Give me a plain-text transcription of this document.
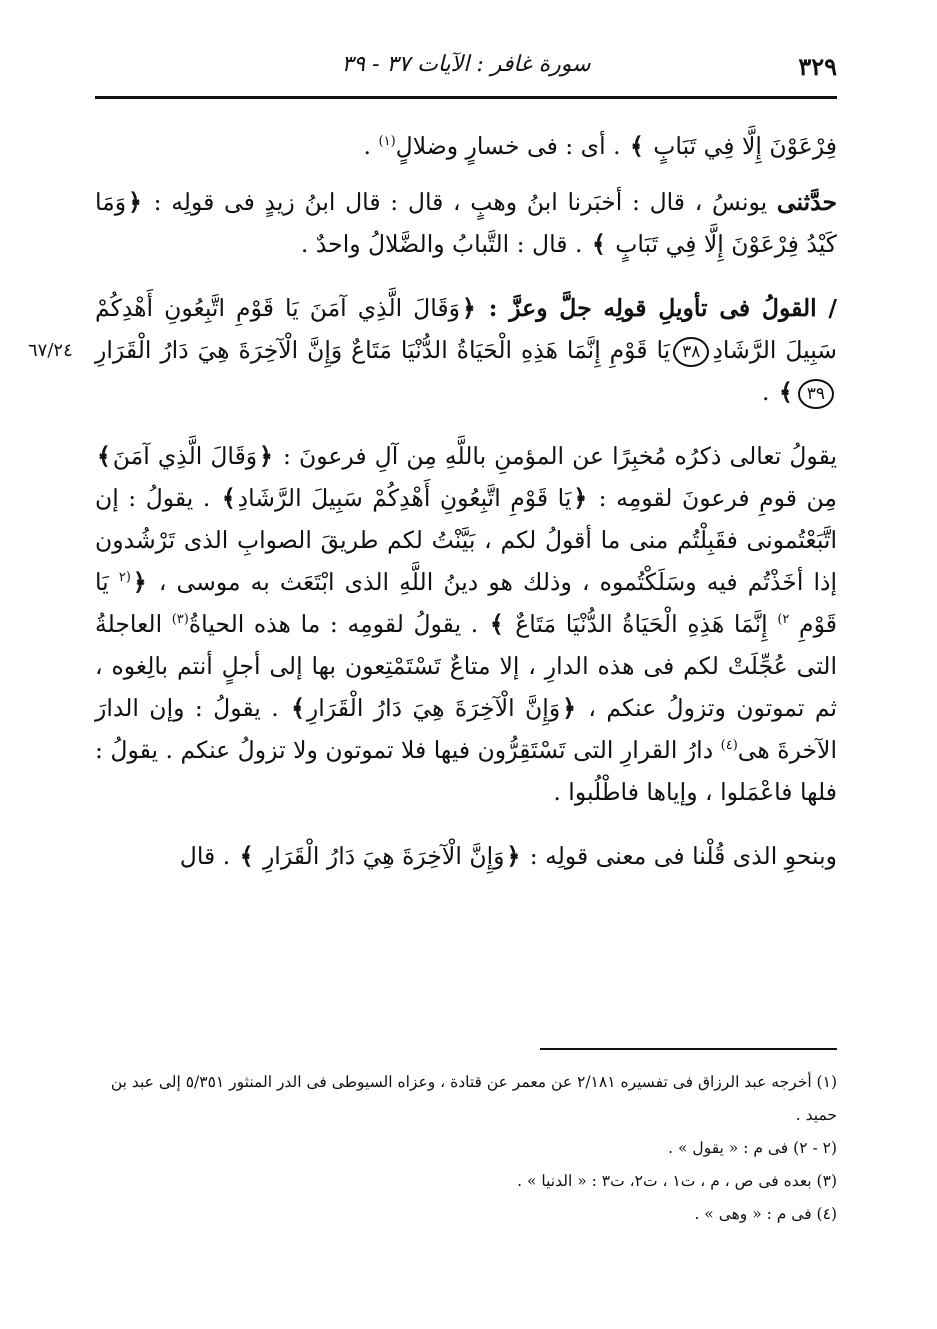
٣٢٩
سورة غافر : الآيات ٣٧ - ٣٩
٦٧/٢٤

فِرْعَوْنَ إِلَّا فِي تَبَابٍ ﴾ . أى : فى خسارٍ وضلالٍ$^{(١)}$ .

حدَّثنى يونسُ ، قال : أخبَرنا ابنُ وهبٍ ، قال : قال ابنُ زيدٍ فى قولِه : ﴿وَمَا كَيْدُ فِرْعَوْنَ إِلَّا فِي تَبَابٍ ﴾ . قال : التَّبابُ والضَّلالُ واحدٌ .

/ القولُ فى تأويلِ قولِه جلَّ وعزَّ : ﴿وَقَالَ الَّذِي آمَنَ يَا قَوْمِ اتَّبِعُونِ أَهْدِكُمْ سَبِيلَ الرَّشَادِ٣٨يَا قَوْمِ إِنَّمَا هَذِهِ الْحَيَاةُ الدُّنْيَا مَتَاعٌ وَإِنَّ الْآخِرَةَ هِيَ دَارُ الْقَرَارِ٣٩﴾ .

يقولُ تعالى ذكرُه مُخبِرًا عن المؤمنِ باللَّهِ مِن آلِ فرعونَ : ﴿وَقَالَ الَّذِي آمَنَ﴾ مِن قومِ فرعونَ لقومِه : ﴿يَا قَوْمِ اتَّبِعُونِ أَهْدِكُمْ سَبِيلَ الرَّشَادِ﴾ . يقولُ : إن اتَّبَعْتُمونى فقَبِلْتُم منى ما أقولُ لكم ، بَيَّنْتُ لكم طريقَ الصوابِ الذى تَرْشُدون إذا أخَذْتُم فيه وسَلَكْتُموه ، وذلك هو دينُ اللَّهِ الذى ابْتَعَث به موسى ، ﴿$^{(٢}$ يَا قَوْمِ $^{٢)}$ إِنَّمَا هَذِهِ الْحَيَاةُ الدُّنْيَا مَتَاعٌ ﴾ . يقولُ لقومِه : ما هذه الحياةُ$^{(٣)}$ العاجلةُ التى عُجِّلَتْ لكم فى هذه الدارِ ، إلا متاعٌ تَسْتَمْتِعون بها إلى أجلٍ أنتم بالِغوه ، ثم تموتون وتزولُ عنكم ، ﴿وَإِنَّ الْآخِرَةَ هِيَ دَارُ الْقَرَارِ﴾ . يقولُ : وإن الدارَ الآخرةَ هى$^{(٤)}$ دارُ القرارِ التى تَسْتَقِرُّون فيها فلا تموتون ولا تزولُ عنكم . يقولُ : فلها فاعْمَلوا ، وإياها فاطْلُبوا .

وبنحوِ الذى قُلْنا فى معنى قولِه : ﴿وَإِنَّ الْآخِرَةَ هِيَ دَارُ الْقَرَارِ ﴾ . قال

(١) أخرجه عبد الرزاق فى تفسيره ٢/١٨١ عن معمر عن قتادة ، وعزاه السيوطى فى الدر المنثور ٥/٣٥١ إلى عبد بن حميد .

(٢ - ٢) فى م : « يقول » .

(٣) بعده فى ص ، م ، ت١ ، ت٢، ت٣ : « الدنيا » .

(٤) فى م : « وهى » .
